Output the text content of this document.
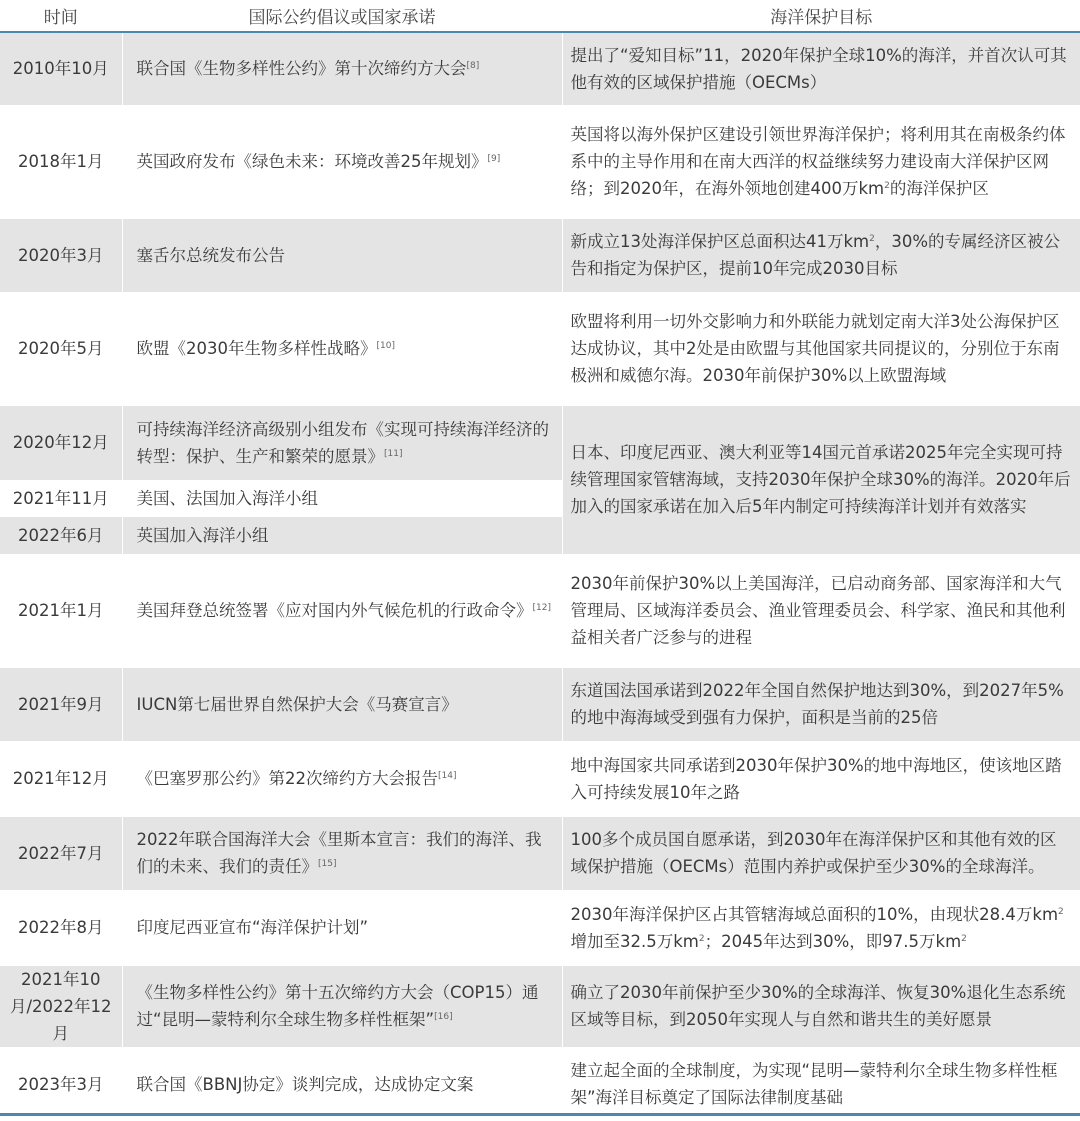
时间	国际公约倡议或国家承诺	海洋保护目标
2010年10月	联合国《生物多样性公约》第十次缔约方大会[8]	提出了“爱知目标”11，2020年保护全球10%的海洋，并首次认可其他有效的区域保护措施（OECMs）
2018年1月	英国政府发布《绿色未来：环境改善25年规划》[9]	英国将以海外保护区建设引领世界海洋保护；将利用其在南极条约体系中的主导作用和在南大西洋的权益继续努力建设南大洋保护区网络；到2020年，在海外领地创建400万$km^2$的海洋保护区
2020年3月	塞舌尔总统发布公告	新成立13处海洋保护区总面积达41万$km^2$，30%的专属经济区被公告和指定为保护区，提前10年完成2030目标
2020年5月	欧盟《2030年生物多样性战略》[10]	欧盟将利用一切外交影响力和外联能力就划定南大洋3处公海保护区达成协议，其中2处是由欧盟与其他国家共同提议的，分别位于东南极洲和威德尔海。2030年前保护30%以上欧盟海域
2020年12月	可持续海洋经济高级别小组发布《实现可持续海洋经济的转型：保护、生产和繁荣的愿景》[11]	日本、印度尼西亚、澳大利亚等14国元首承诺2025年完全实现可持续管理国家管辖海域，支持2030年保护全球30%的海洋。2020年后加入的国家承诺在加入后5年内制定可持续海洋计划并有效落实
2021年11月	美国、法国加入海洋小组	
2022年6月	英国加入海洋小组	
2021年1月	美国拜登总统签署《应对国内外气候危机的行政命令》[12]	2030年前保护30%以上美国海洋，已启动商务部、国家海洋和大气管理局、区域海洋委员会、渔业管理委员会、科学家、渔民和其他利益相关者广泛参与的进程
2021年9月	IUCN第七届世界自然保护大会《马赛宣言》	东道国法国承诺到2022年全国自然保护地达到30%，到2027年5%的地中海海域受到强有力保护，面积是当前的25倍
2021年12月	《巴塞罗那公约》第22次缔约方大会报告[14]	地中海国家共同承诺到2030年保护30%的地中海地区，使该地区踏入可持续发展10年之路
2022年7月	2022年联合国海洋大会《里斯本宣言：我们的海洋、我们的未来、我们的责任》[15]	100多个成员国自愿承诺，到2030年在海洋保护区和其他有效的区域保护措施（OECMs）范围内养护或保护至少30%的全球海洋。
2022年8月	印度尼西亚宣布“海洋保护计划”	2030年海洋保护区占其管辖海域总面积的10%，由现状28.4万$km^2$增加至32.5万$km^2$；2045年达到30%，即97.5万$km^2$
2021年10月/2022年12月	《生物多样性公约》第十五次缔约方大会（COP15）通过“昆明—蒙特利尔全球生物多样性框架”[16]	确立了2030年前保护至少30%的全球海洋、恢复30%退化生态系统区域等目标，到2050年实现人与自然和谐共生的美好愿景
2023年3月	联合国《BBNJ协定》谈判完成，达成协定文案	建立起全面的全球制度，为实现“昆明—蒙特利尔全球生物多样性框架”海洋目标奠定了国际法律制度基础
